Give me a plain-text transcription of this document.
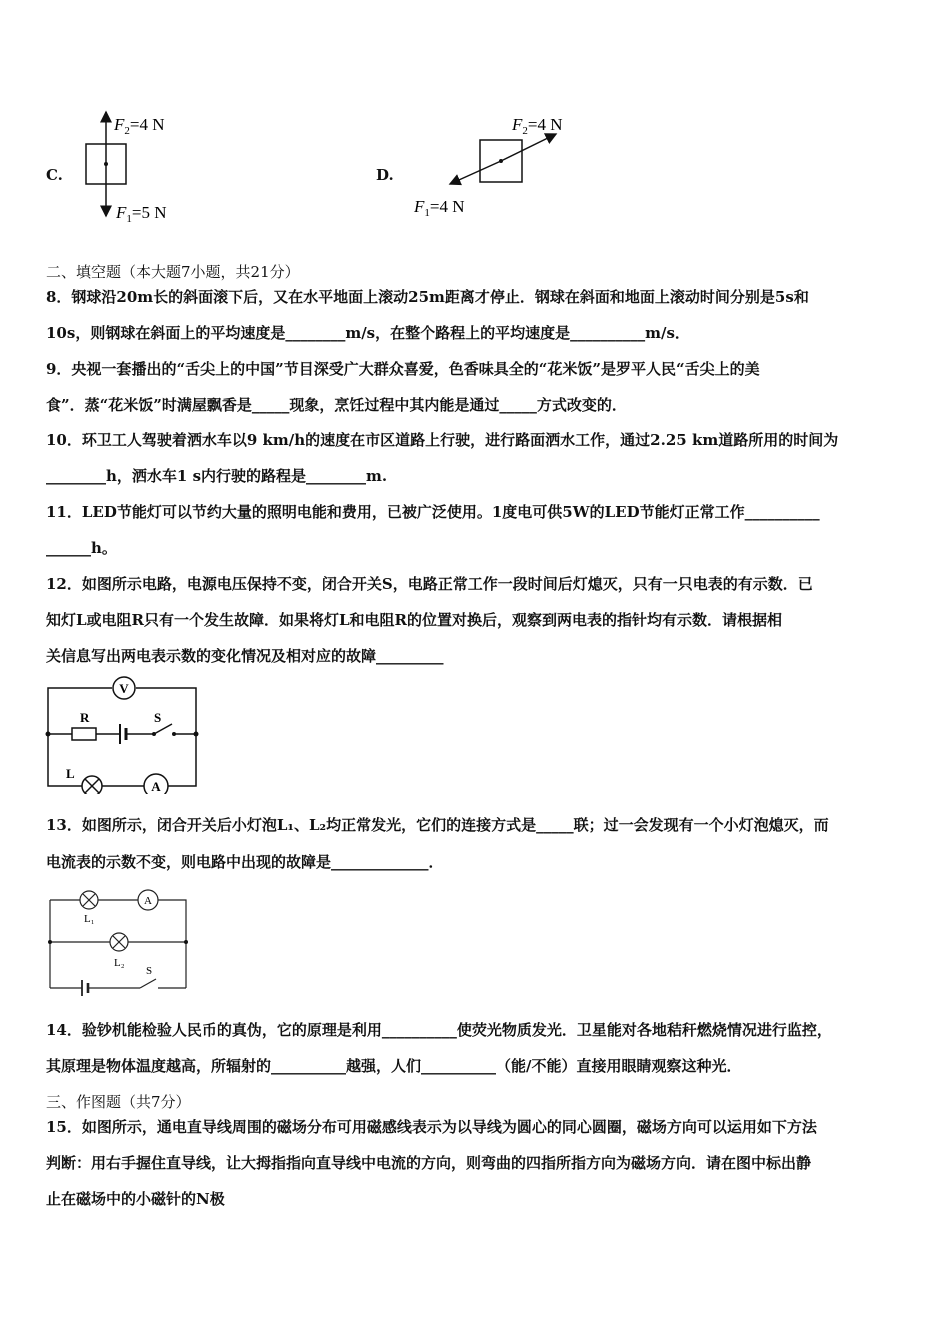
C.
$F_2=4$ N
$F_1=5$ N
D.
$F_2=4$ N
$F_1=4$ N
二、填空题（本大题7小题，共21分）
8．钢球沿20m长的斜面滚下后，又在水平地面上滚动25m距离才停止．钢球在斜面和地面上滚动时间分别是5s和
10s，则钢球在斜面上的平均速度是________m/s，在整个路程上的平均速度是__________m/s．
9．央视一套播出的“舌尖上的中国”节目深受广大群众喜爱，色香味具全的“花米饭”是罗平人民“舌尖上的美
食”．蒸“花米饭”时满屋飘香是_____现象，烹饪过程中其内能是通过_____方式改变的．
10．环卫工人驾驶着洒水车以9 km/h的速度在市区道路上行驶，进行路面洒水工作，通过2.25 km道路所用的时间为
________h，洒水车1 s内行驶的路程是________m.
11．LED节能灯可以节约大量的照明电能和费用，已被广泛使用。1度电可供5W的LED节能灯正常工作__________
______h。
12．如图所示电路，电源电压保持不变，闭合开关S，电路正常工作一段时间后灯熄灭，只有一只电表的有示数．已
知灯L或电阻R只有一个发生故障．如果将灯L和电阻R的位置对换后，观察到两电表的指针均有示数．请根据相
关信息写出两电表示数的变化情况及相对应的故障_________
V
R	S
L
A
13．如图所示，闭合开关后小灯泡L₁、L₂均正常发光，它们的连接方式是_____联；过一会发现有一个小灯泡熄灭，而
电流表的示数不变，则电路中出现的故障是_____________．
A
L₁
L₂
S
14．验钞机能检验人民币的真伪，它的原理是利用__________使荧光物质发光．卫星能对各地秸秆燃烧情况进行监控，
其原理是物体温度越高，所辐射的__________越强，人们__________（能/不能）直接用眼睛观察这种光．
三、作图题（共7分）
15．如图所示，通电直导线周围的磁场分布可用磁感线表示为以导线为圆心的同心圆圈，磁场方向可以运用如下方法
判断：用右手握住直导线，让大拇指指向直导线中电流的方向，则弯曲的四指所指方向为磁场方向．请在图中标出静
止在磁场中的小磁针的N极
